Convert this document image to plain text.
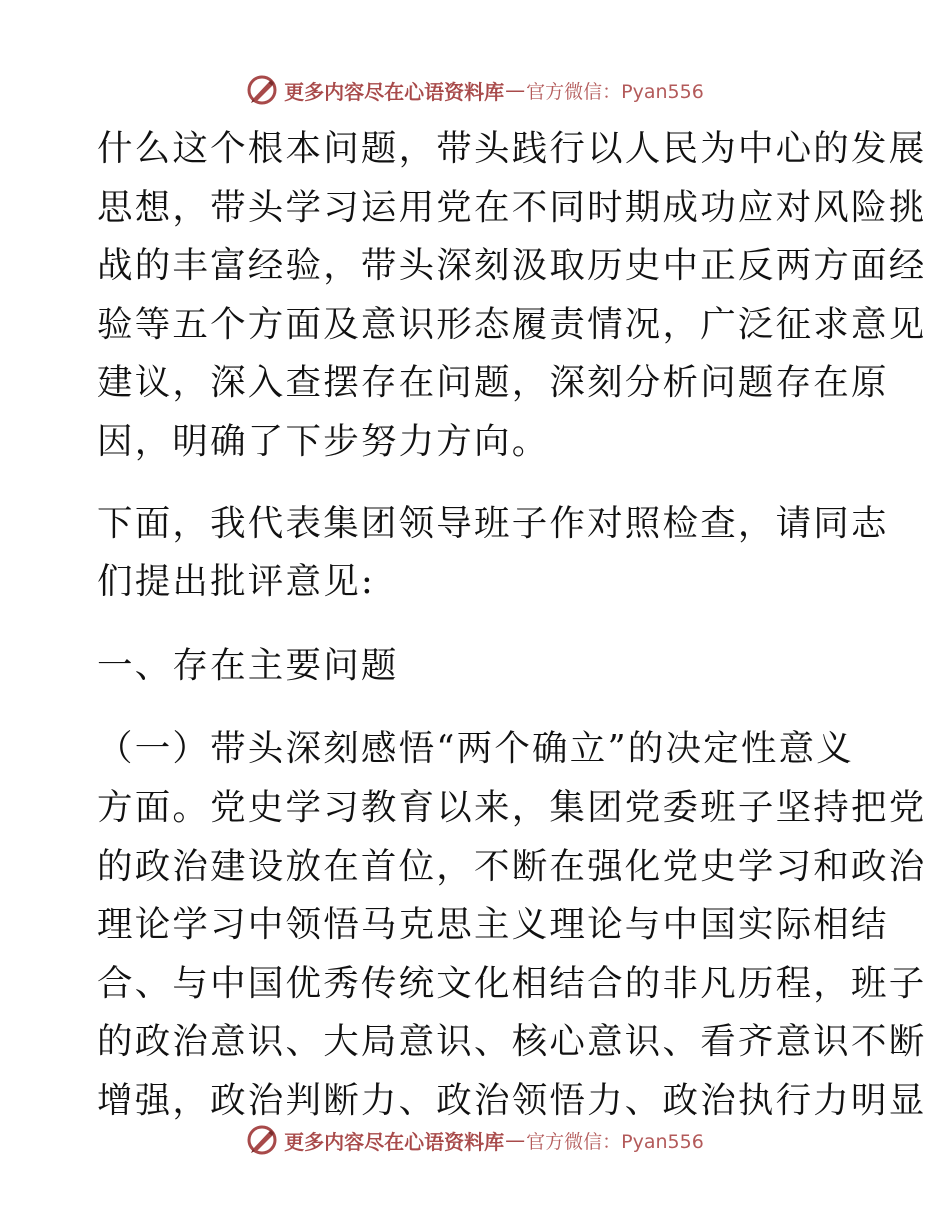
更多内容尽在心语资料库 — 官方微信：Pyan556

什么这个根本问题，带头践行以人民为中心的发展
思想，带头学习运用党在不同时期成功应对风险挑
战的丰富经验，带头深刻汲取历史中正反两方面经
验等五个方面及意识形态履责情况，广泛征求意见
建议，深入查摆存在问题，深刻分析问题存在原
因，明确了下步努力方向。

下面，我代表集团领导班子作对照检查，请同志
们提出批评意见:

一、存在主要问题

（一）带头深刻感悟“两个确立”的决定性意义
方面。党史学习教育以来，集团党委班子坚持把党
的政治建设放在首位，不断在强化党史学习和政治
理论学习中领悟马克思主义理论与中国实际相结
合、与中国优秀传统文化相结合的非凡历程，班子
的政治意识、大局意识、核心意识、看齐意识不断
增强，政治判断力、政治领悟力、政治执行力明显

更多内容尽在心语资料库 — 官方微信：Pyan556
